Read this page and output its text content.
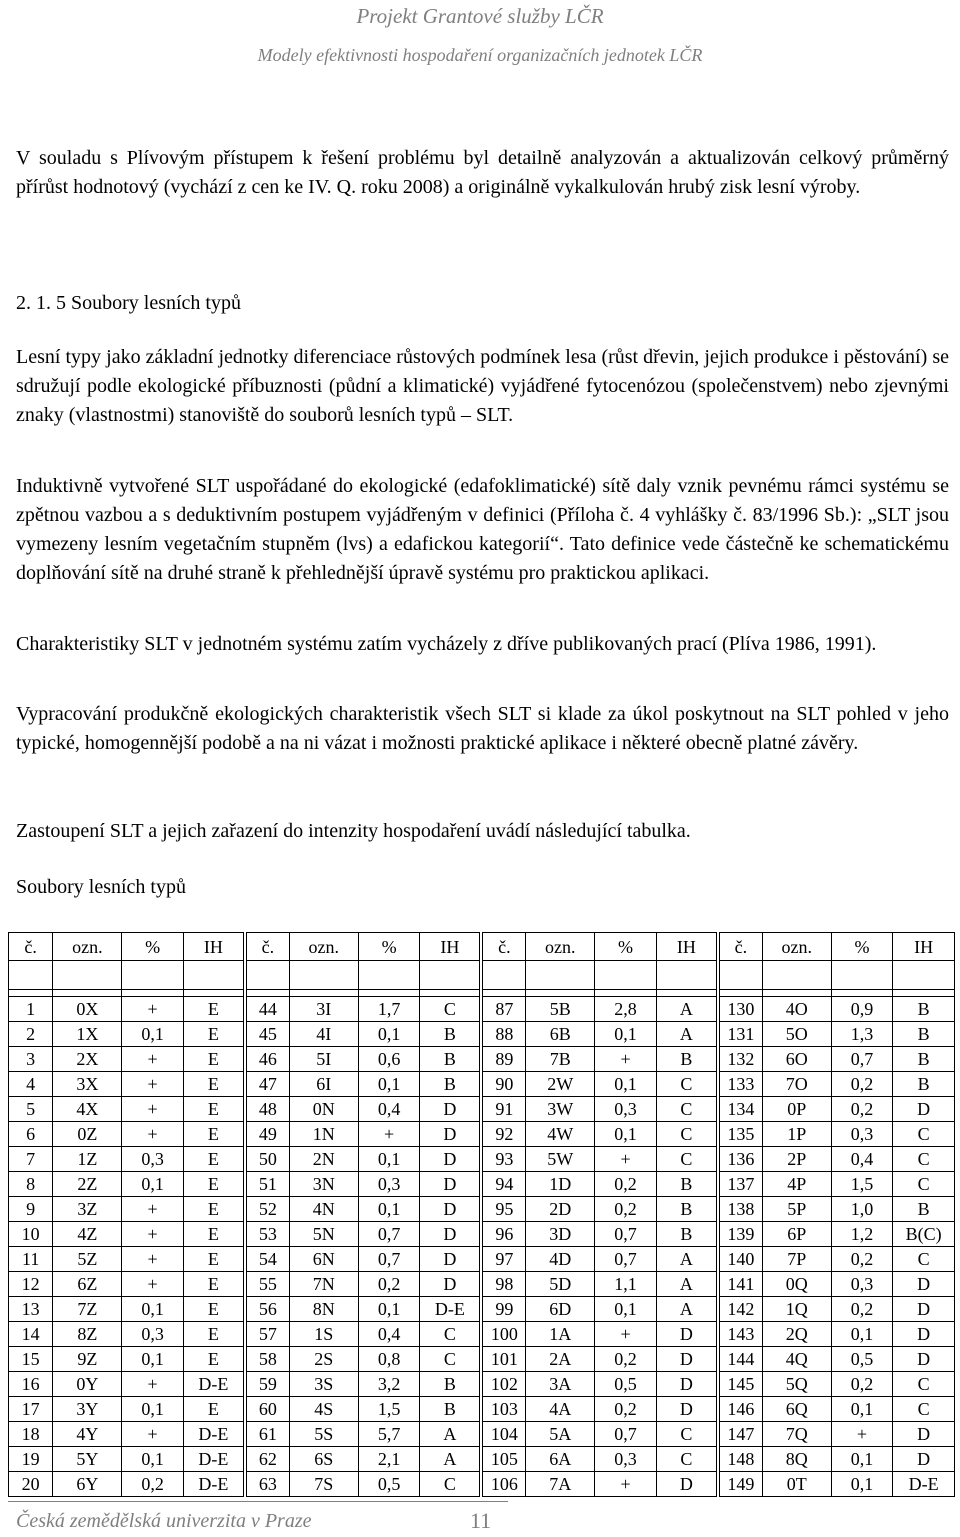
Projekt Grantové služby LČR
Modely efektivnosti hospodaření organizačních jednotek LČR

V souladu s Plívovým přístupem k řešení problému byl detailně analyzován a aktualizován celkový průměrný přírůst hodnotový (vychází z cen ke IV. Q. roku 2008) a originálně vykalkulován hrubý zisk lesní výroby.

2. 1. 5 Soubory lesních typů

Lesní typy jako základní jednotky diferenciace růstových podmínek lesa (růst dřevin, jejich produkce i pěstování) se sdružují podle ekologické příbuznosti (půdní a klimatické) vyjádřené fytocenózou (společenstvem) nebo zjevnými znaky (vlastnostmi) stanoviště do souborů lesních typů – SLT.

Induktivně vytvořené SLT uspořádané do ekologické (edafoklimatické) sítě daly vznik pevnému rámci systému se zpětnou vazbou a s deduktivním postupem vyjádřeným v definici (Příloha č. 4 vyhlášky č. 83/1996 Sb.): „SLT jsou vymezeny lesním vegetačním stupněm (lvs) a edafickou kategorií“. Tato definice vede částečně ke schematickému doplňování sítě na druhé straně k přehlednější úpravě systému pro praktickou aplikaci.

Charakteristiky SLT v jednotném systému zatím vycházely z dříve publikovaných prací (Plíva 1986, 1991).

Vypracování produkčně ekologických charakteristik všech SLT si klade za úkol poskytnout na SLT pohled v jeho typické, homogennější podobě a na ni vázat i možnosti praktické aplikace i některé obecně platné závěry.

Zastoupení SLT a jejich zařazení do intenzity hospodaření uvádí následující tabulka.

Soubory lesních typů

č.	ozn.	%	IH	č.	ozn.	%	IH	č.	ozn.	%	IH	č.	ozn.	%	IH

1	0X	+	E	44	3I	1,7	C	87	5B	2,8	A	130	4O	0,9	B
2	1X	0,1	E	45	4I	0,1	B	88	6B	0,1	A	131	5O	1,3	B
3	2X	+	E	46	5I	0,6	B	89	7B	+	B	132	6O	0,7	B
4	3X	+	E	47	6I	0,1	B	90	2W	0,1	C	133	7O	0,2	B
5	4X	+	E	48	0N	0,4	D	91	3W	0,3	C	134	0P	0,2	D
6	0Z	+	E	49	1N	+	D	92	4W	0,1	C	135	1P	0,3	C
7	1Z	0,3	E	50	2N	0,1	D	93	5W	+	C	136	2P	0,4	C
8	2Z	0,1	E	51	3N	0,3	D	94	1D	0,2	B	137	4P	1,5	C
9	3Z	+	E	52	4N	0,1	D	95	2D	0,2	B	138	5P	1,0	B
10	4Z	+	E	53	5N	0,7	D	96	3D	0,7	B	139	6P	1,2	B(C)
11	5Z	+	E	54	6N	0,7	D	97	4D	0,7	A	140	7P	0,2	C
12	6Z	+	E	55	7N	0,2	D	98	5D	1,1	A	141	0Q	0,3	D
13	7Z	0,1	E	56	8N	0,1	D-E	99	6D	0,1	A	142	1Q	0,2	D
14	8Z	0,3	E	57	1S	0,4	C	100	1A	+	D	143	2Q	0,1	D
15	9Z	0,1	E	58	2S	0,8	C	101	2A	0,2	D	144	4Q	0,5	D
16	0Y	+	D-E	59	3S	3,2	B	102	3A	0,5	D	145	5Q	0,2	C
17	3Y	0,1	E	60	4S	1,5	B	103	4A	0,2	D	146	6Q	0,1	C
18	4Y	+	D-E	61	5S	5,7	A	104	5A	0,7	C	147	7Q	+	D
19	5Y	0,1	D-E	62	6S	2,1	A	105	6A	0,3	C	148	8Q	0,1	D
20	6Y	0,2	D-E	63	7S	0,5	C	106	7A	+	D	149	0T	0,1	D-E
Česká zemědělská univerzita v Praze	11
